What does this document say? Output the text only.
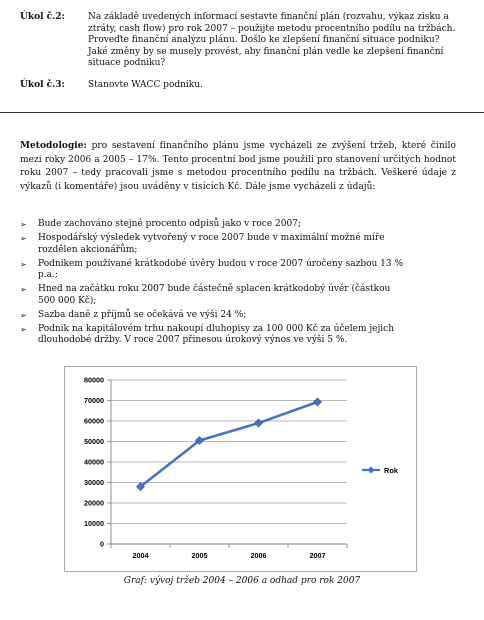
Úkol č.2:	Na základě uvedených informací sestavte finanční plán (rozvahu, výkaz zisku a
ztráty, cash flow) pro rok 2007 – použijte metodu procentního podílu na tržbách.
Proveďte finanční analýzu plánu. Došlo ke zlepšení finanční situace podniku?
Jaké změny by se musely provést, aby finanční plán vedle ke zlepšení finanční
situace podniku?
Úkol č.3:	Stanovte WACC podniku.
Metodologie: pro sestavení finančního plánu jsme vycházeli ze zvýšení tržeb, které činilo mezi roky 2006 a 2005 – 17%. Tento procentní bod jsme použili pro stanovení určitých hodnot roku 2007 – tedy pracovali jsme s metodou procentního podílu na tržbách. Veškeré údaje z výkazů (i komentáře) jsou uváděny v tisících Kč. Dále jsme vycházeli z údajů:
➢ Bude zachováno stejné procento odpisů jako v roce 2007;
➢ Hospodářský výsledek vytvořený v roce 2007 bude v maximální možné míře
rozdělen akcionářům;
➢ Podnikem používané krátkodobé úvěry budou v roce 2007 úročeny sazbou 13 %
p.a.;
➢ Hned na začátku roku 2007 bude částečně splacen krátkodobý úvěr (částkou
500 000 Kč);
➢ Sazba daně z příjmů se očekává ve výši 24 %;
➢ Podnik na kapitálovém trhu nakoupí dluhopisy za 100 000 Kč za účelem jejich
dlouhodobé držby. V roce 2007 přinesou úrokový výnos ve výši 5 %.
0
10000
20000
30000
40000
50000
60000
70000
80000
2004	2005	2006	2007
Rok
Graf: vývoj tržeb 2004 – 2006 a odhad pro rok 2007
